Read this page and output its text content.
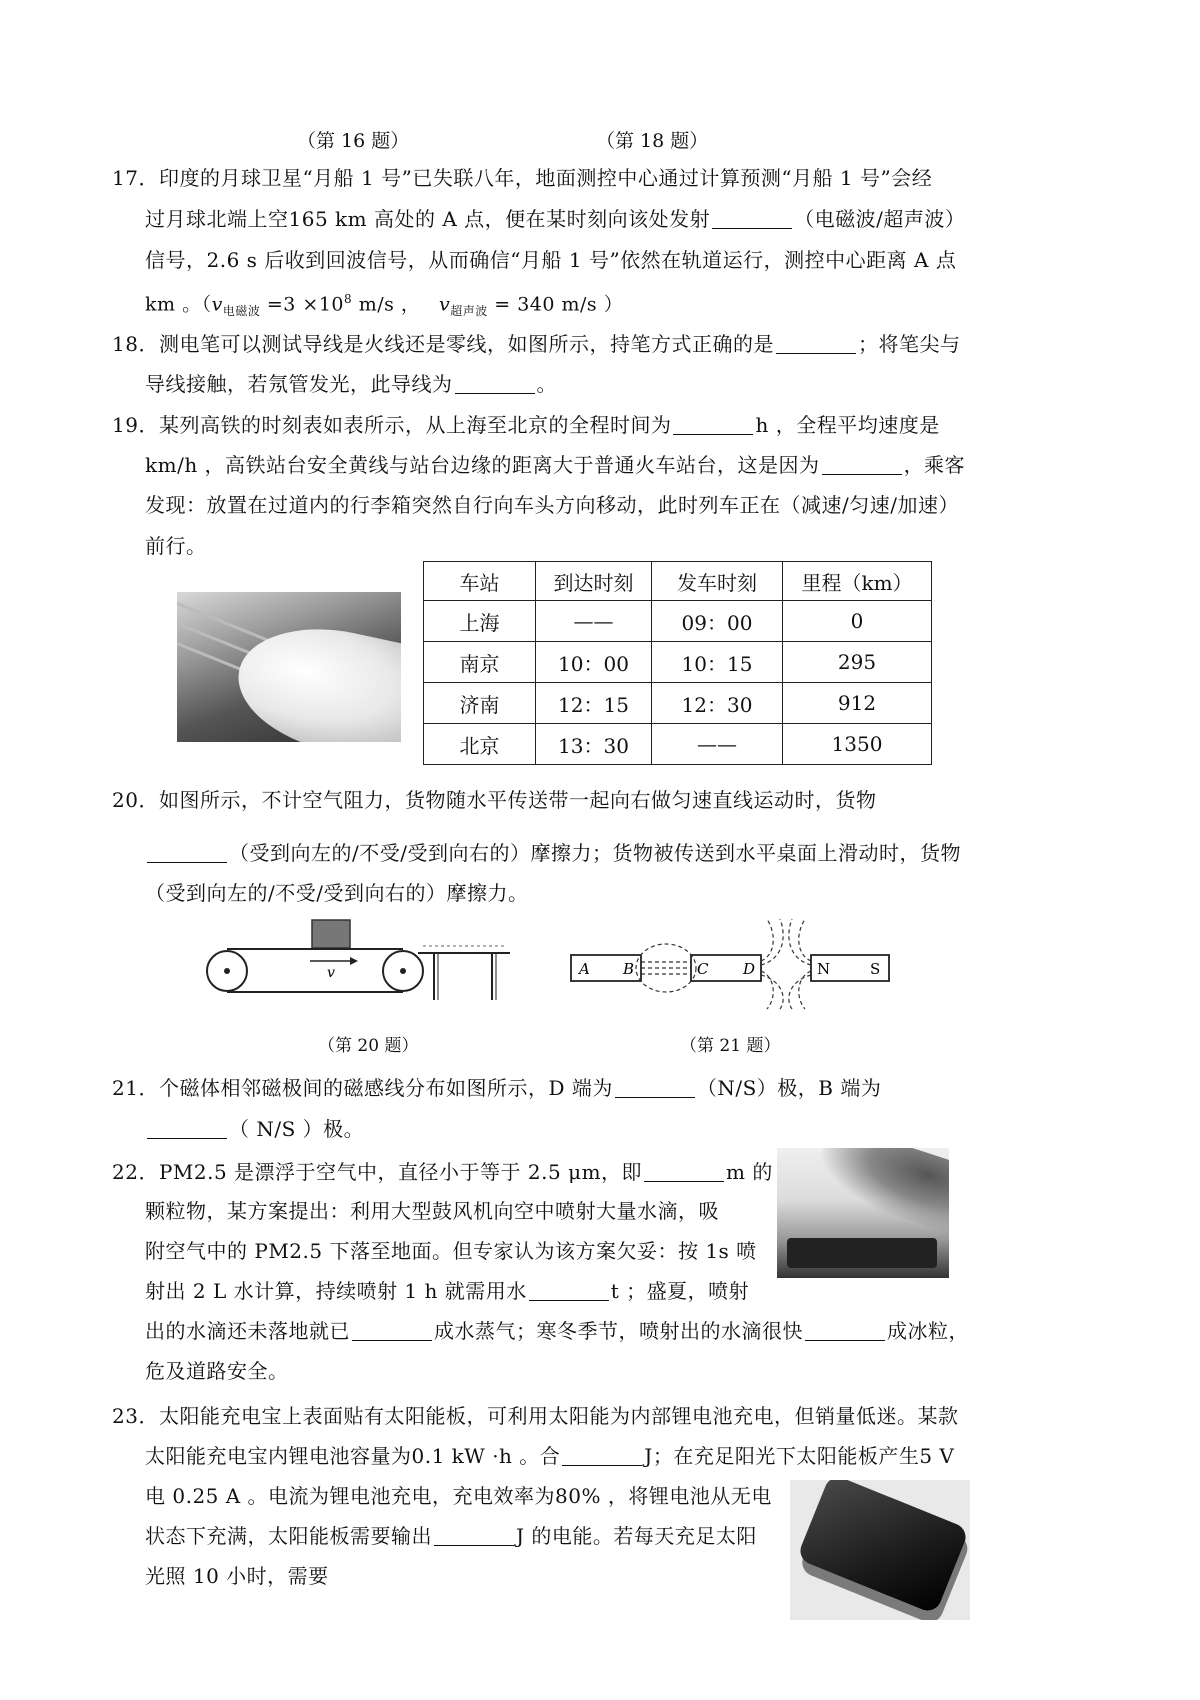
（第 16 题）	（第 18 题）
17．印度的月球卫星“月船 1 号”已失联八年，地面测控中心通过计算预测“月船 1 号”会经
过月球北端上空165 km 高处的 A 点，便在某时刻向该处发射	（电磁波/超声波）
信号，2.6 s 后收到回波信号，从而确信“月船 1 号”依然在轨道运行，测控中心距离 A 点
km 。（$v_{电磁波} =3 \times 10^8$ m/s ， $v_{超声波} = 340$ m/s ）
18．测电笔可以测试导线是火线还是零线，如图所示，持笔方式正确的是	；将笔尖与
导线接触，若氖管发光，此导线为	。
19．某列高铁的时刻表如表所示，从上海至北京的全程时间为	h ，全程平均速度是
km/h ，高铁站台安全黄线与站台边缘的距离大于普通火车站台，这是因为	，乘客
发现：放置在过道内的行李箱突然自行向车头方向移动，此时列车正在（减速/匀速/加速）
前行。
车站	到达时刻	发车时刻	里程（km）
上海	——	09：00	0
南京	10：00	10：15	295
济南	12：15	12：30	912
北京	13：30	——	1350
20．如图所示，不计空气阻力，货物随水平传送带一起向右做匀速直线运动时，货物
（受到向左的/不受/受到向右的）摩擦力；货物被传送到水平桌面上滑动时，货物
（受到向左的/不受/受到向右的）摩擦力。
v	A B	C D	N	S
（第 20 题）	（第 21 题）
21．个磁体相邻磁极间的磁感线分布如图所示，D 端为	（N/S）极，B 端为
（ N/S ）极。
22．PM2.5 是漂浮于空气中，直径小于等于 2.5 μm，即	m 的
颗粒物，某方案提出：利用大型鼓风机向空中喷射大量水滴，吸
附空气中的 PM2.5 下落至地面。但专家认为该方案欠妥：按 1s 喷
射出 2 L 水计算，持续喷射 1 h 就需用水	t ；盛夏，喷射
出的水滴还未落地就已	成水蒸气；寒冬季节，喷射出的水滴很快	成冰粒，
危及道路安全。
23．太阳能充电宝上表面贴有太阳能板，可利用太阳能为内部锂电池充电，但销量低迷。某款
太阳能充电宝内锂电池容量为0.1 kW ·h 。合	J；在充足阳光下太阳能板产生5 V
电 0.25 A 。电流为锂电池充电，充电效率为80% ，将锂电池从无电
状态下充满，太阳能板需要输出	J 的电能。若每天充足太阳
光照 10 小时，需要
